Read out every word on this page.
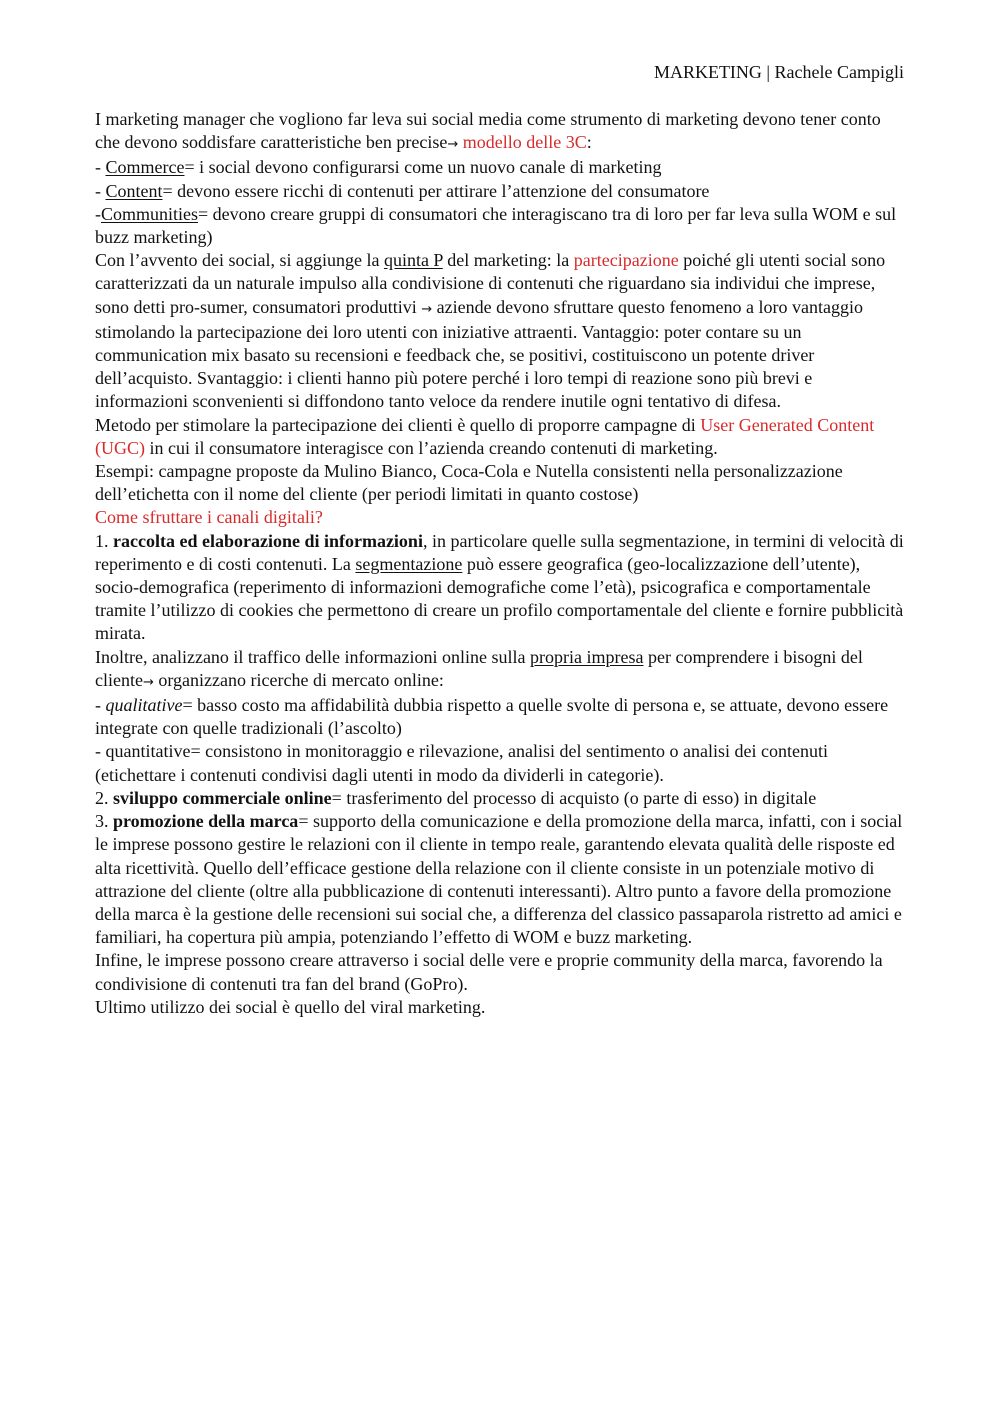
MARKETING | Rachele Campigli

I marketing manager che vogliono far leva sui social media come strumento di marketing devono tener conto che devono soddisfare caratteristiche ben precise→ modello delle 3C:

- Commerce= i social devono configurarsi come un nuovo canale di marketing

- Content= devono essere ricchi di contenuti per attirare l’attenzione del consumatore

-Communities= devono creare gruppi di consumatori che interagiscano tra di loro per far leva sulla WOM e sul buzz marketing)

Con l’avvento dei social, si aggiunge la quinta P del marketing: la partecipazione poiché gli utenti social sono caratterizzati da un naturale impulso alla condivisione di contenuti che riguardano sia individui che imprese, sono detti pro-sumer, consumatori produttivi → aziende devono sfruttare questo fenomeno a loro vantaggio stimolando la partecipazione dei loro utenti con iniziative attraenti. Vantaggio: poter contare su un communication mix basato su recensioni e feedback che, se positivi, costituiscono un potente driver dell’acquisto. Svantaggio: i clienti hanno più potere perché i loro tempi di reazione sono più brevi e informazioni sconvenienti si diffondono tanto veloce da rendere inutile ogni tentativo di difesa.

Metodo per stimolare la partecipazione dei clienti è quello di proporre campagne di User Generated Content (UGC) in cui il consumatore interagisce con l’azienda creando contenuti di marketing.

Esempi: campagne proposte da Mulino Bianco, Coca-Cola e Nutella consistenti nella personalizzazione dell’etichetta con il nome del cliente (per periodi limitati in quanto costose)

Come sfruttare i canali digitali?

1. raccolta ed elaborazione di informazioni, in particolare quelle sulla segmentazione, in termini di velocità di reperimento e di costi contenuti. La segmentazione può essere geografica (geo-localizzazione dell’utente), socio-demografica (reperimento di informazioni demografiche come l’età), psicografica e comportamentale tramite l’utilizzo di cookies che permettono di creare un profilo comportamentale del cliente e fornire pubblicità mirata.

Inoltre, analizzano il traffico delle informazioni online sulla propria impresa per comprendere i bisogni del cliente→ organizzano ricerche di mercato online:

- qualitative= basso costo ma affidabilità dubbia rispetto a quelle svolte di persona e, se attuate, devono essere integrate con quelle tradizionali (l’ascolto)

- quantitative= consistono in monitoraggio e rilevazione, analisi del sentimento o analisi dei contenuti (etichettare i contenuti condivisi dagli utenti in modo da dividerli in categorie).

2. sviluppo commerciale online= trasferimento del processo di acquisto (o parte di esso) in digitale

3. promozione della marca= supporto della comunicazione e della promozione della marca, infatti, con i social le imprese possono gestire le relazioni con il cliente in tempo reale, garantendo elevata qualità delle risposte ed alta ricettività. Quello dell’efficace gestione della relazione con il cliente consiste in un potenziale motivo di attrazione del cliente (oltre alla pubblicazione di contenuti interessanti). Altro punto a favore della promozione della marca è la gestione delle recensioni sui social che, a differenza del classico passaparola ristretto ad amici e familiari, ha copertura più ampia, potenziando l’effetto di WOM e buzz marketing.

Infine, le imprese possono creare attraverso i social delle vere e proprie community della marca, favorendo la condivisione di contenuti tra fan del brand (GoPro).

Ultimo utilizzo dei social è quello del viral marketing.
